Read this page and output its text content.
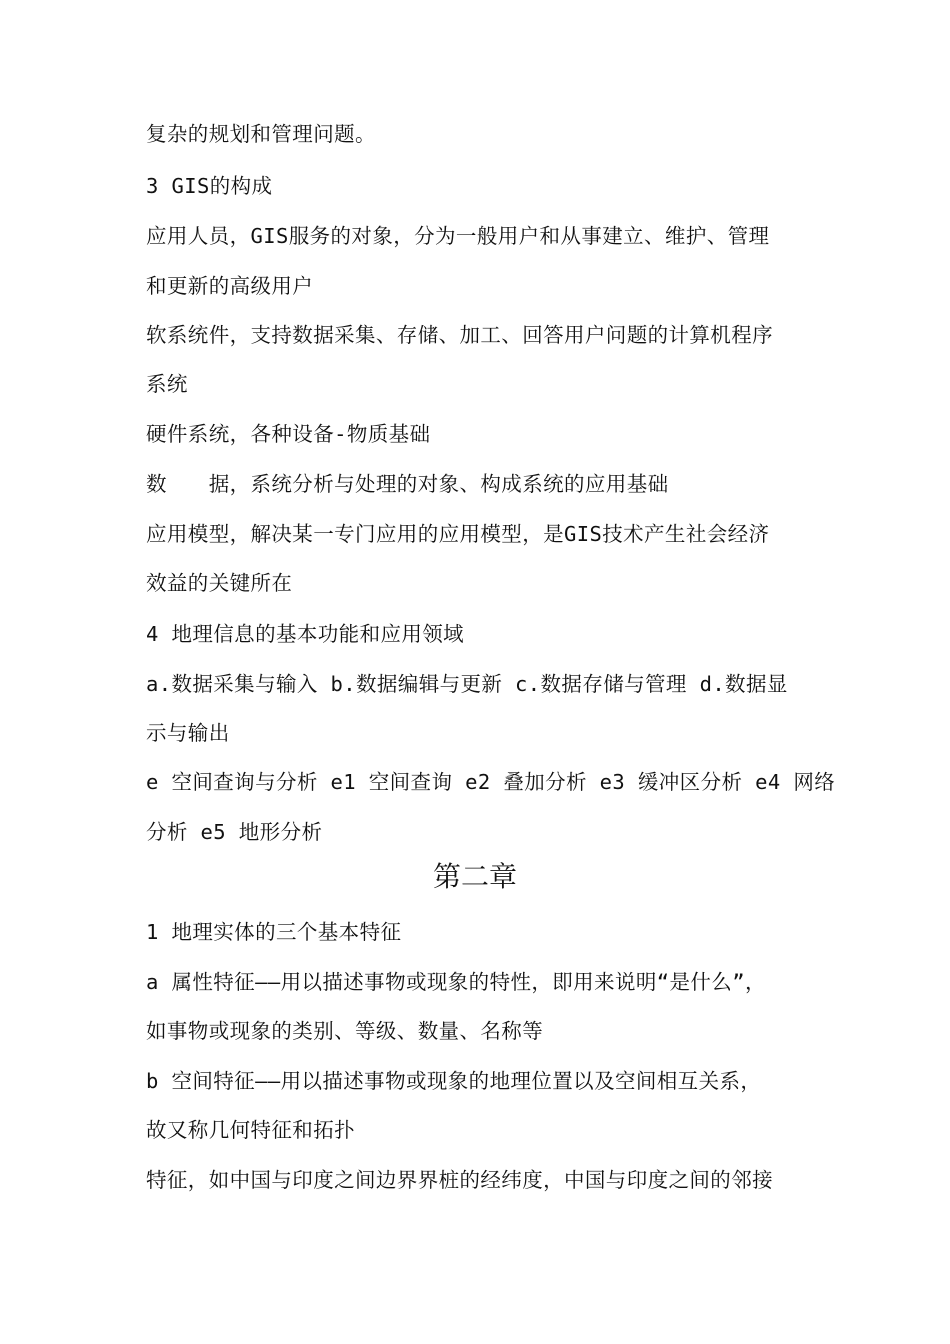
复杂的规划和管理问题。
3 GIS的构成
应用人员，GIS服务的对象，分为一般用户和从事建立、维护、管理
和更新的高级用户
软系统件，支持数据采集、存储、加工、回答用户问题的计算机程序
系统
硬件系统，各种设备-物质基础
数　　据，系统分析与处理的对象、构成系统的应用基础
应用模型，解决某一专门应用的应用模型，是GIS技术产生社会经济
效益的关键所在
4 地理信息的基本功能和应用领域
a.数据采集与输入 b.数据编辑与更新 c.数据存储与管理 d.数据显
示与输出
e 空间查询与分析 e1 空间查询 e2 叠加分析 e3 缓冲区分析 e4 网络
分析 e5 地形分析
第二章
1 地理实体的三个基本特征
a 属性特征——用以描述事物或现象的特性，即用来说明“是什么”，
如事物或现象的类别、等级、数量、名称等
b 空间特征——用以描述事物或现象的地理位置以及空间相互关系，
故又称几何特征和拓扑
特征，如中国与印度之间边界界桩的经纬度，中国与印度之间的邻接
